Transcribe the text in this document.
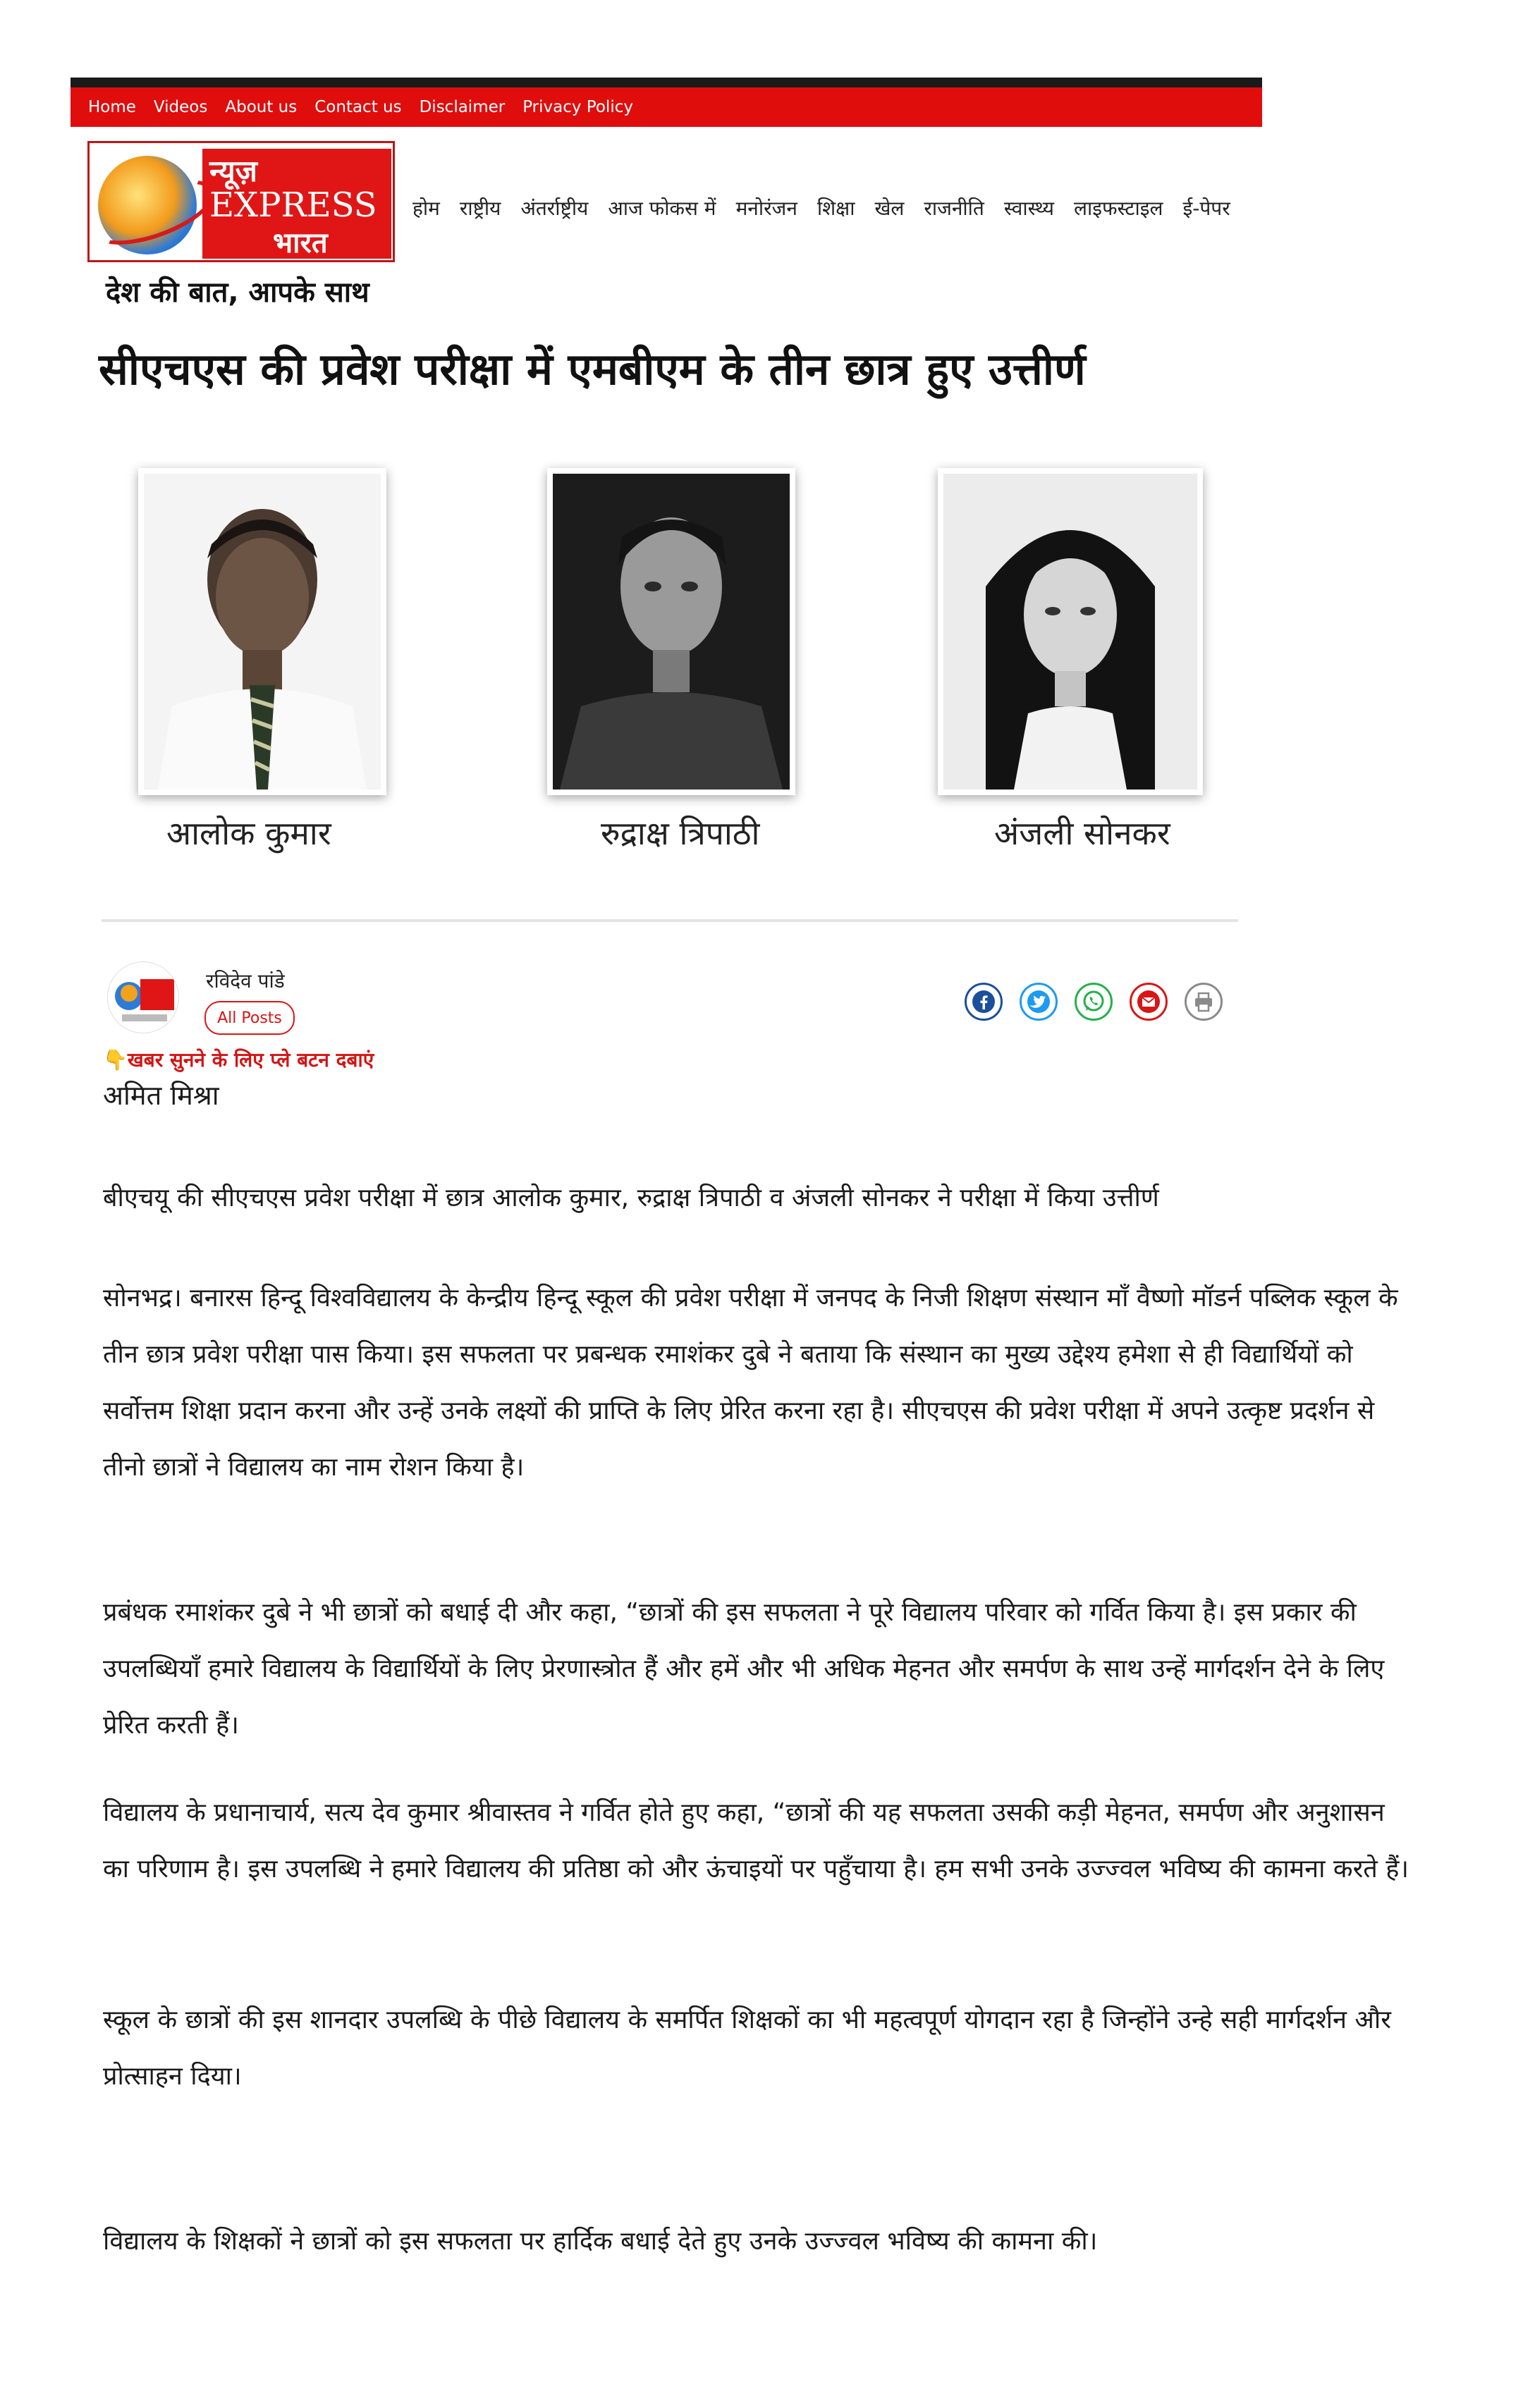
Home Videos About us Contact us Disclaimer Privacy Policy
न्यूज़
EXPRESS
भारत
होम राष्ट्रीय अंतर्राष्ट्रीय आज फोकस में मनोरंजन शिक्षा खेल राजनीति स्वास्थ्य लाइफस्टाइल ई-पेपर
देश की बात, आपके साथ
सीएचएस की प्रवेश परीक्षा में एमबीएम के तीन छात्र हुए उत्तीर्ण
आलोक कुमार	रुद्राक्ष त्रिपाठी	अंजली सोनकर
रविदेव पांडे
All Posts
👇खबर सुनने के लिए प्ले बटन दबाएं
अमित मिश्रा
बीएचयू की सीएचएस प्रवेश परीक्षा में छात्र आलोक कुमार, रुद्राक्ष त्रिपाठी व अंजली सोनकर ने परीक्षा में किया उत्तीर्ण
सोनभद्र। बनारस हिन्दू विश्वविद्यालय के केन्द्रीय हिन्दू स्कूल की प्रवेश परीक्षा में जनपद के निजी शिक्षण संस्थान माँ वैष्णो मॉडर्न पब्लिक स्कूल के तीन छात्र प्रवेश परीक्षा पास किया। इस सफलता पर प्रबन्धक रमाशंकर दुबे ने बताया कि संस्थान का मुख्य उद्देश्य हमेशा से ही विद्यार्थियों को सर्वोत्तम शिक्षा प्रदान करना और उन्हें उनके लक्ष्यों की प्राप्ति के लिए प्रेरित करना रहा है। सीएचएस की प्रवेश परीक्षा में अपने उत्कृष्ट प्रदर्शन से तीनो छात्रों ने विद्यालय का नाम रोशन किया है।
प्रबंधक रमाशंकर दुबे ने भी छात्रों को बधाई दी और कहा, “छात्रों की इस सफलता ने पूरे विद्यालय परिवार को गर्वित किया है। इस प्रकार की उपलब्धियाँ हमारे विद्यालय के विद्यार्थियों के लिए प्रेरणास्त्रोत हैं और हमें और भी अधिक मेहनत और समर्पण के साथ उन्हें मार्गदर्शन देने के लिए प्रेरित करती हैं।
विद्यालय के प्रधानाचार्य, सत्य देव कुमार श्रीवास्तव ने गर्वित होते हुए कहा, “छात्रों की यह सफलता उसकी कड़ी मेहनत, समर्पण और अनुशासन का परिणाम है। इस उपलब्धि ने हमारे विद्यालय की प्रतिष्ठा को और ऊंचाइयों पर पहुँचाया है। हम सभी उनके उज्ज्वल भविष्य की कामना करते हैं।
स्कूल के छात्रों की इस शानदार उपलब्धि के पीछे विद्यालय के समर्पित शिक्षकों का भी महत्वपूर्ण योगदान रहा है जिन्होंने उन्हे सही मार्गदर्शन और प्रोत्साहन दिया।
विद्यालय के शिक्षकों ने छात्रों को इस सफलता पर हार्दिक बधाई देते हुए उनके उज्ज्वल भविष्य की कामना की।
